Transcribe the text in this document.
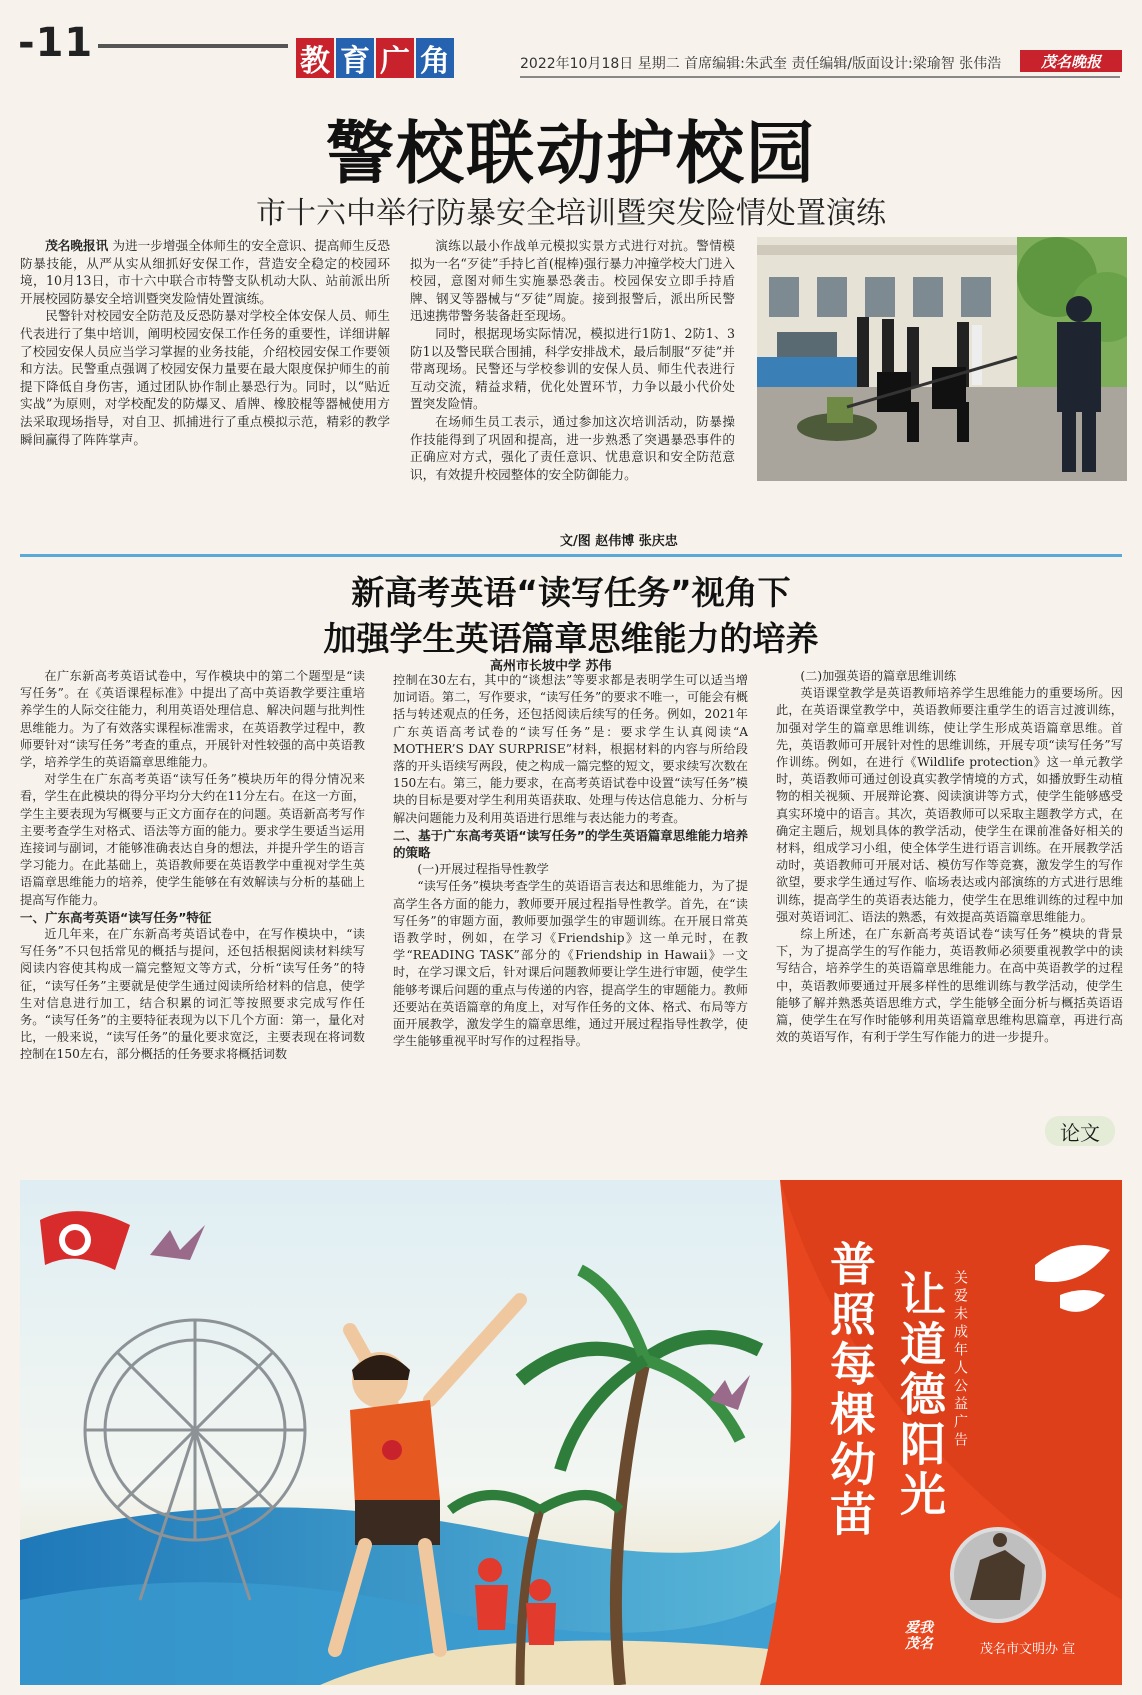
-11	教 育 广 角	2022年10月18日 星期二 首席编辑:朱武奎 责任编辑/版面设计:梁瑜智 张伟浩	茂名晚报
警校联动护校园
市十六中举行防暴安全培训暨突发险情处置演练

茂名晚报讯 为进一步增强全体师生的安全意识、提高师生反恐防暴技能，从严从实从细抓好安保工作，营造安全稳定的校园环境，10月13日，市十六中联合市特警支队机动大队、站前派出所开展校园防暴安全培训暨突发险情处置演练。

民警针对校园安全防范及反恐防暴对学校全体安保人员、师生代表进行了集中培训，阐明校园安保工作任务的重要性，详细讲解了校园安保人员应当学习掌握的业务技能，介绍校园安保工作要领和方法。民警重点强调了校园安保力量要在最大限度保护师生的前提下降低自身伤害，通过团队协作制止暴恐行为。同时，以“贴近实战”为原则，对学校配发的防爆叉、盾牌、橡胶棍等器械使用方法采取现场指导，对自卫、抓捕进行了重点模拟示范，精彩的教学瞬间赢得了阵阵掌声。

演练以最小作战单元模拟实景方式进行对抗。警情模拟为一名“歹徒”手持匕首(棍棒)强行暴力冲撞学校大门进入校园，意图对师生实施暴恐袭击。校园保安立即手持盾牌、钢叉等器械与“歹徒”周旋。接到报警后，派出所民警迅速携带警务装备赶至现场。

同时，根据现场实际情况，模拟进行1防1、2防1、3防1以及警民联合围捕，科学安排战术，最后制服“歹徒”并带离现场。民警还与学校参训的安保人员、师生代表进行互动交流，精益求精，优化处置环节，力争以最小代价处置突发险情。

在场师生员工表示，通过参加这次培训活动，防暴操作技能得到了巩固和提高，进一步熟悉了突遇暴恐事件的正确应对方式，强化了责任意识、忧患意识和安全防范意识，有效提升校园整体的安全防御能力。

文/图 赵伟博 张庆忠
新高考英语“读写任务”视角下
加强学生英语篇章思维能力的培养
高州市长坡中学 苏伟

在广东新高考英语试卷中，写作模块中的第二个题型是“读写任务”。在《英语课程标准》中提出了高中英语教学要注重培养学生的人际交往能力，利用英语处理信息、解决问题与批判性思维能力。为了有效落实课程标准需求，在英语教学过程中，教师要针对“读写任务”考查的重点，开展针对性较强的高中英语教学，培养学生的英语篇章思维能力。

对学生在广东高考英语“读写任务”模块历年的得分情况来看，学生在此模块的得分平均分大约在11分左右。在这一方面，学生主要表现为写概要与正文方面存在的问题。英语新高考写作主要考查学生对格式、语法等方面的能力。要求学生要适当运用连接词与副词，才能够准确表达自身的想法，并提升学生的语言学习能力。在此基础上，英语教师要在英语教学中重视对学生英语篇章思维能力的培养，使学生能够在有效解读与分析的基础上提高写作能力。

一、广东高考英语“读写任务”特征

近几年来，在广东新高考英语试卷中，在写作模块中，“读写任务”不只包括常见的概括与提问，还包括根据阅读材料续写阅读内容使其构成一篇完整短文等方式，分析“读写任务”的特征，“读写任务”主要就是使学生通过阅读所给材料的信息，使学生对信息进行加工，结合积累的词汇等按照要求完成写作任务。“读写任务”的主要特征表现为以下几个方面：第一，量化对比，一般来说，“读写任务”的量化要求宽泛，主要表现在将词数控制在150左右，部分概括的任务要求将概括词数

控制在30左右，其中的“谈想法”等要求都是表明学生可以适当增加词语。第二，写作要求，“读写任务”的要求不唯一，可能会有概括与转述观点的任务，还包括阅读后续写的任务。例如，2021年广东英语高考试卷的“读写任务”是：要求学生认真阅读“A MOTHER’S DAY SURPRISE”材料，根据材料的内容与所给段落的开头语续写两段，使之构成一篇完整的短文，要求续写次数在150左右。第三，能力要求，在高考英语试卷中设置“读写任务”模块的目标是要对学生利用英语获取、处理与传达信息能力、分析与解决问题能力及利用英语进行思维与表达能力的考查。

二、基于广东高考英语“读写任务”的学生英语篇章思维能力培养的策略

(一)开展过程指导性教学

“读写任务”模块考查学生的英语语言表达和思维能力，为了提高学生各方面的能力，教师要开展过程指导性教学。首先，在“读写任务”的审题方面，教师要加强学生的审题训练。在开展日常英语教学时，例如，在学习《Friendship》这一单元时，在教学“READING TASK”部分的《Friendship in Hawaii》一文时，在学习课文后，针对课后问题教师要让学生进行审题，使学生能够考课后问题的重点与传递的内容，提高学生的审题能力。教师还要站在英语篇章的角度上，对写作任务的文体、格式、布局等方面开展教学，激发学生的篇章思维，通过开展过程指导性教学，使学生能够重视平时写作的过程指导。

(二)加强英语的篇章思维训练

英语课堂教学是英语教师培养学生思维能力的重要场所。因此，在英语课堂教学中，英语教师要注重学生的语言过渡训练，加强对学生的篇章思维训练，使让学生形成英语篇章思维。首先，英语教师可开展针对性的思维训练，开展专项“读写任务”写作训练。例如，在进行《Wildlife protection》这一单元教学时，英语教师可通过创设真实教学情境的方式，如播放野生动植物的相关视频、开展辩论赛、阅读演讲等方式，使学生能够感受真实环境中的语言。其次，英语教师可以采取主题教学方式，在确定主题后，规划具体的教学活动，使学生在课前准备好相关的材料，组成学习小组，使全体学生进行语言训练。在开展教学活动时，英语教师可开展对话、模仿写作等竞赛，激发学生的写作欲望，要求学生通过写作、临场表达或内部演练的方式进行思维训练，提高学生的英语表达能力，使学生在思维训练的过程中加强对英语词汇、语法的熟悉，有效提高英语篇章思维能力。

综上所述，在广东新高考英语试卷“读写任务”模块的背景下，为了提高学生的写作能力，英语教师必须要重视教学中的读写结合，培养学生的英语篇章思维能力。在高中英语教学的过程中，英语教师要通过开展多样性的思维训练与教学活动，使学生能够了解并熟悉英语思维方式，学生能够全面分析与概括英语语篇，使学生在写作时能够利用英语篇章思维构思篇章，再进行高效的英语写作，有利于学生写作能力的进一步提升。

论文
关爱未成年人公益广告
让道德阳光
普照每棵幼苗
爱我
茂名	茂名市文明办 宣
